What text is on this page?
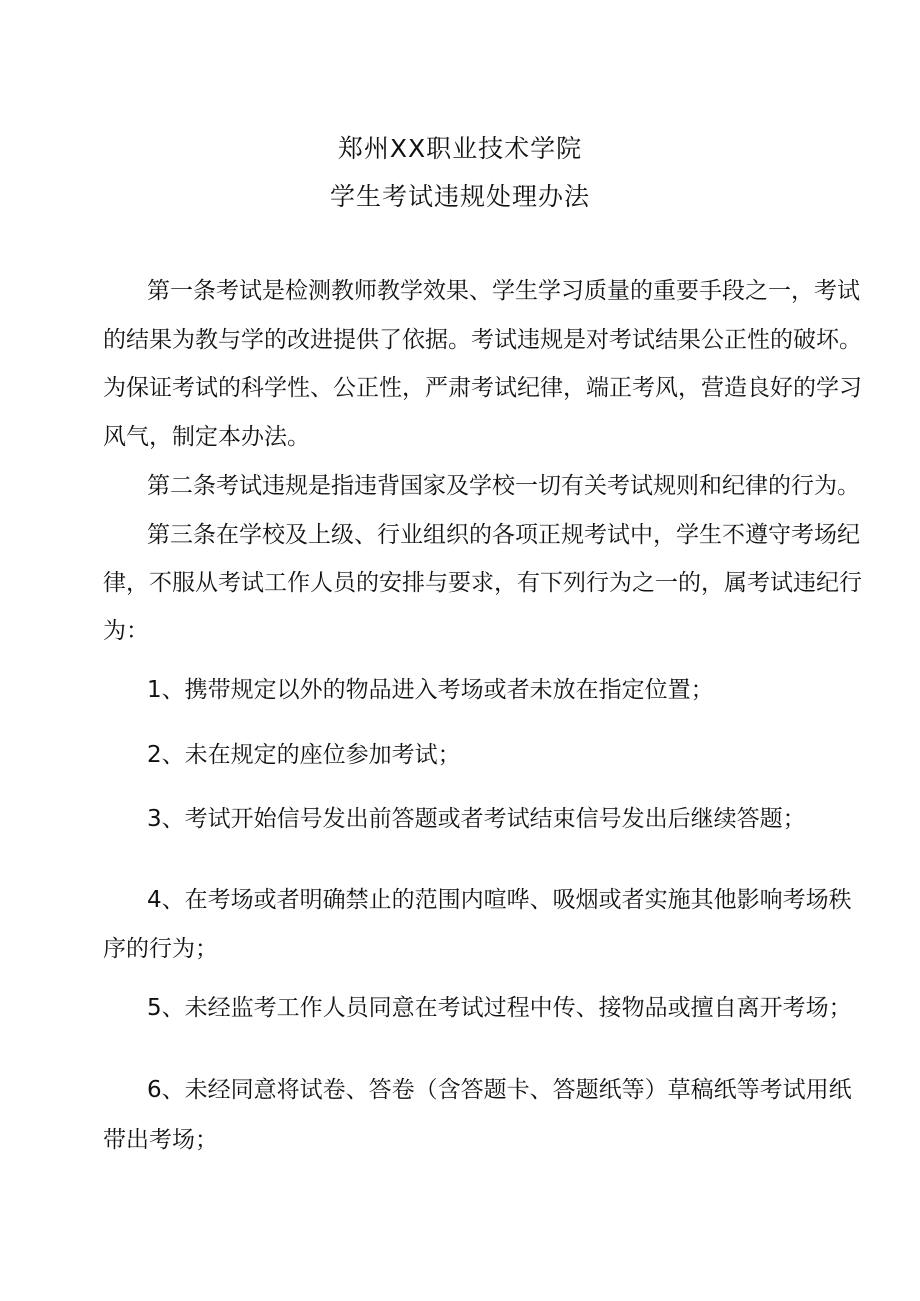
郑州XX职业技术学院
学生考试违规处理办法
第一条考试是检测教师教学效果、学生学习质量的重要手段之一，考试
的结果为教与学的改进提供了依据。考试违规是对考试结果公正性的破坏。
为保证考试的科学性、公正性，严肃考试纪律，端正考风，营造良好的学习
风气，制定本办法。
第二条考试违规是指违背国家及学校一切有关考试规则和纪律的行为。
第三条在学校及上级、行业组织的各项正规考试中，学生不遵守考场纪
律，不服从考试工作人员的安排与要求，有下列行为之一的，属考试违纪行
为：
1、携带规定以外的物品进入考场或者未放在指定位置；
2、未在规定的座位参加考试；
3、考试开始信号发出前答题或者考试结束信号发出后继续答题；
4、在考场或者明确禁止的范围内喧哗、吸烟或者实施其他影响考场秩
序的行为；
5、未经监考工作人员同意在考试过程中传、接物品或擅自离开考场；
6、未经同意将试卷、答卷（含答题卡、答题纸等）草稿纸等考试用纸
带出考场；
